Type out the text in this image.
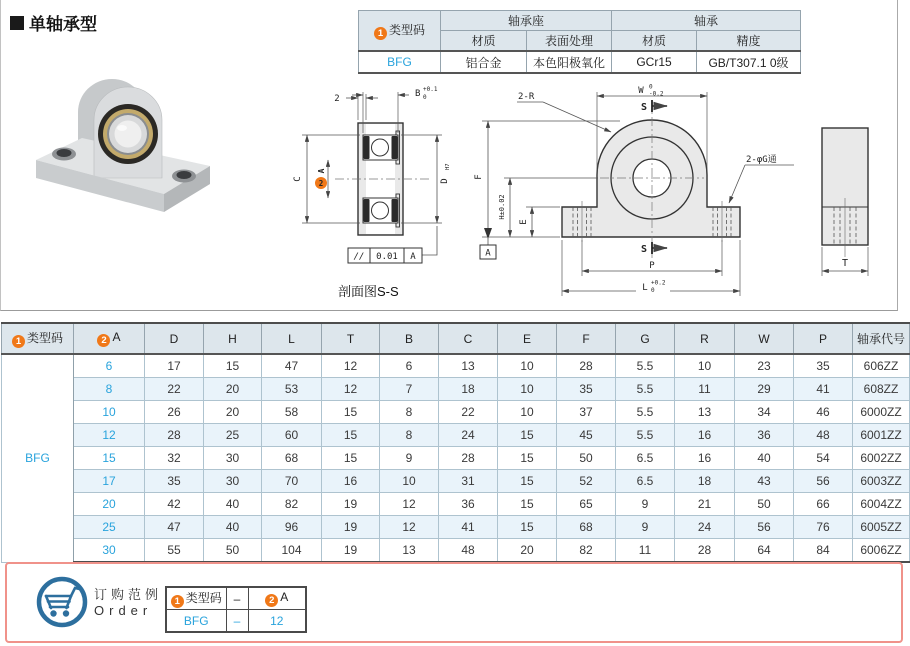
单轴承型	1 类型码	轴承座		轴承	
	材质	表面处理	材质	精度
BFG	铝合金	本色阳极氧化	GCr15	GB/T307.1 0级
2	B +0.1
0
C 2
A
D
H7
// 0.01 A
剖面图S-S
W 0
-0.2
2-R
S
S
2-φG通
F
A
H±0.02
E
P
L +0.2
0
T
1 类型码	2 A	D	H	L	T	B	C	E	F	G	R	W	P	轴承代号
BFG	6	17	15	47	12	6	13	10	28	5.5	10	23	35	606ZZ
	8	22	20	53	12	7	18	10	35	5.5	11	29	41	608ZZ
	10	26	20	58	15	8	22	10	37	5.5	13	34	46	6000ZZ
	12	28	25	60	15	8	24	15	45	5.5	16	36	48	6001ZZ
	15	32	30	68	15	9	28	15	50	6.5	16	40	54	6002ZZ
	17	35	30	70	16	10	31	15	52	6.5	18	43	56	6003ZZ
	20	42	40	82	19	12	36	15	65	9	21	50	66	6004ZZ
	25	47	40	96	19	12	41	15	68	9	24	56	76	6005ZZ
	30	55	50	104	19	13	48	20	82	11	28	64	84	6006ZZ
订购范例
Order
1 类型码	–	2 A
BFG	–	12
